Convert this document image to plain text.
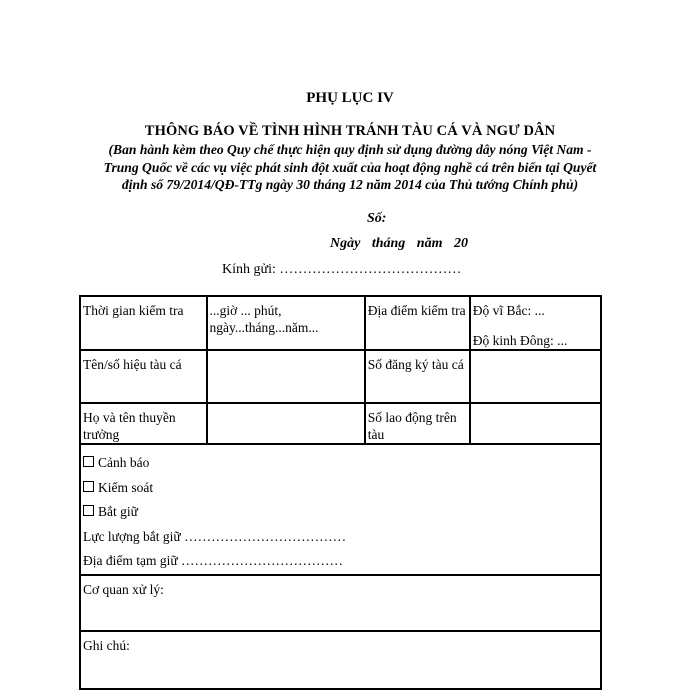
PHỤ LỤC IV
THÔNG BÁO VỀ TÌNH HÌNH TRÁNH TÀU CÁ VÀ NGƯ DÂN
(Ban hành kèm theo Quy chế thực hiện quy định sử dụng đường dây nóng Việt Nam - Trung Quốc về các vụ việc phát sinh đột xuất của hoạt động nghề cá trên biển tại Quyết định số 79/2014/QĐ-TTg ngày 30 tháng 12 năm 2014 của Thủ tướng Chính phủ)
Số:
Ngày tháng năm 20
Kính gửi: …………………………………
Thời gian kiểm tra	...giờ ... phút, ngày...tháng...năm...	Địa điểm kiểm tra	Độ vĩ Bắc: ...
Độ kinh Đông: ...

Tên/số hiệu tàu cá		Số đăng ký tàu cá	
Họ và tên thuyền trưởng		Số lao động trên tàu	

Cảnh báo
Kiểm soát
Bắt giữ
Lực lượng bắt giữ ………………………………
Địa điểm tạm giữ ………………………………			

Cơ quan xử lý:			
Ghi chú:			
